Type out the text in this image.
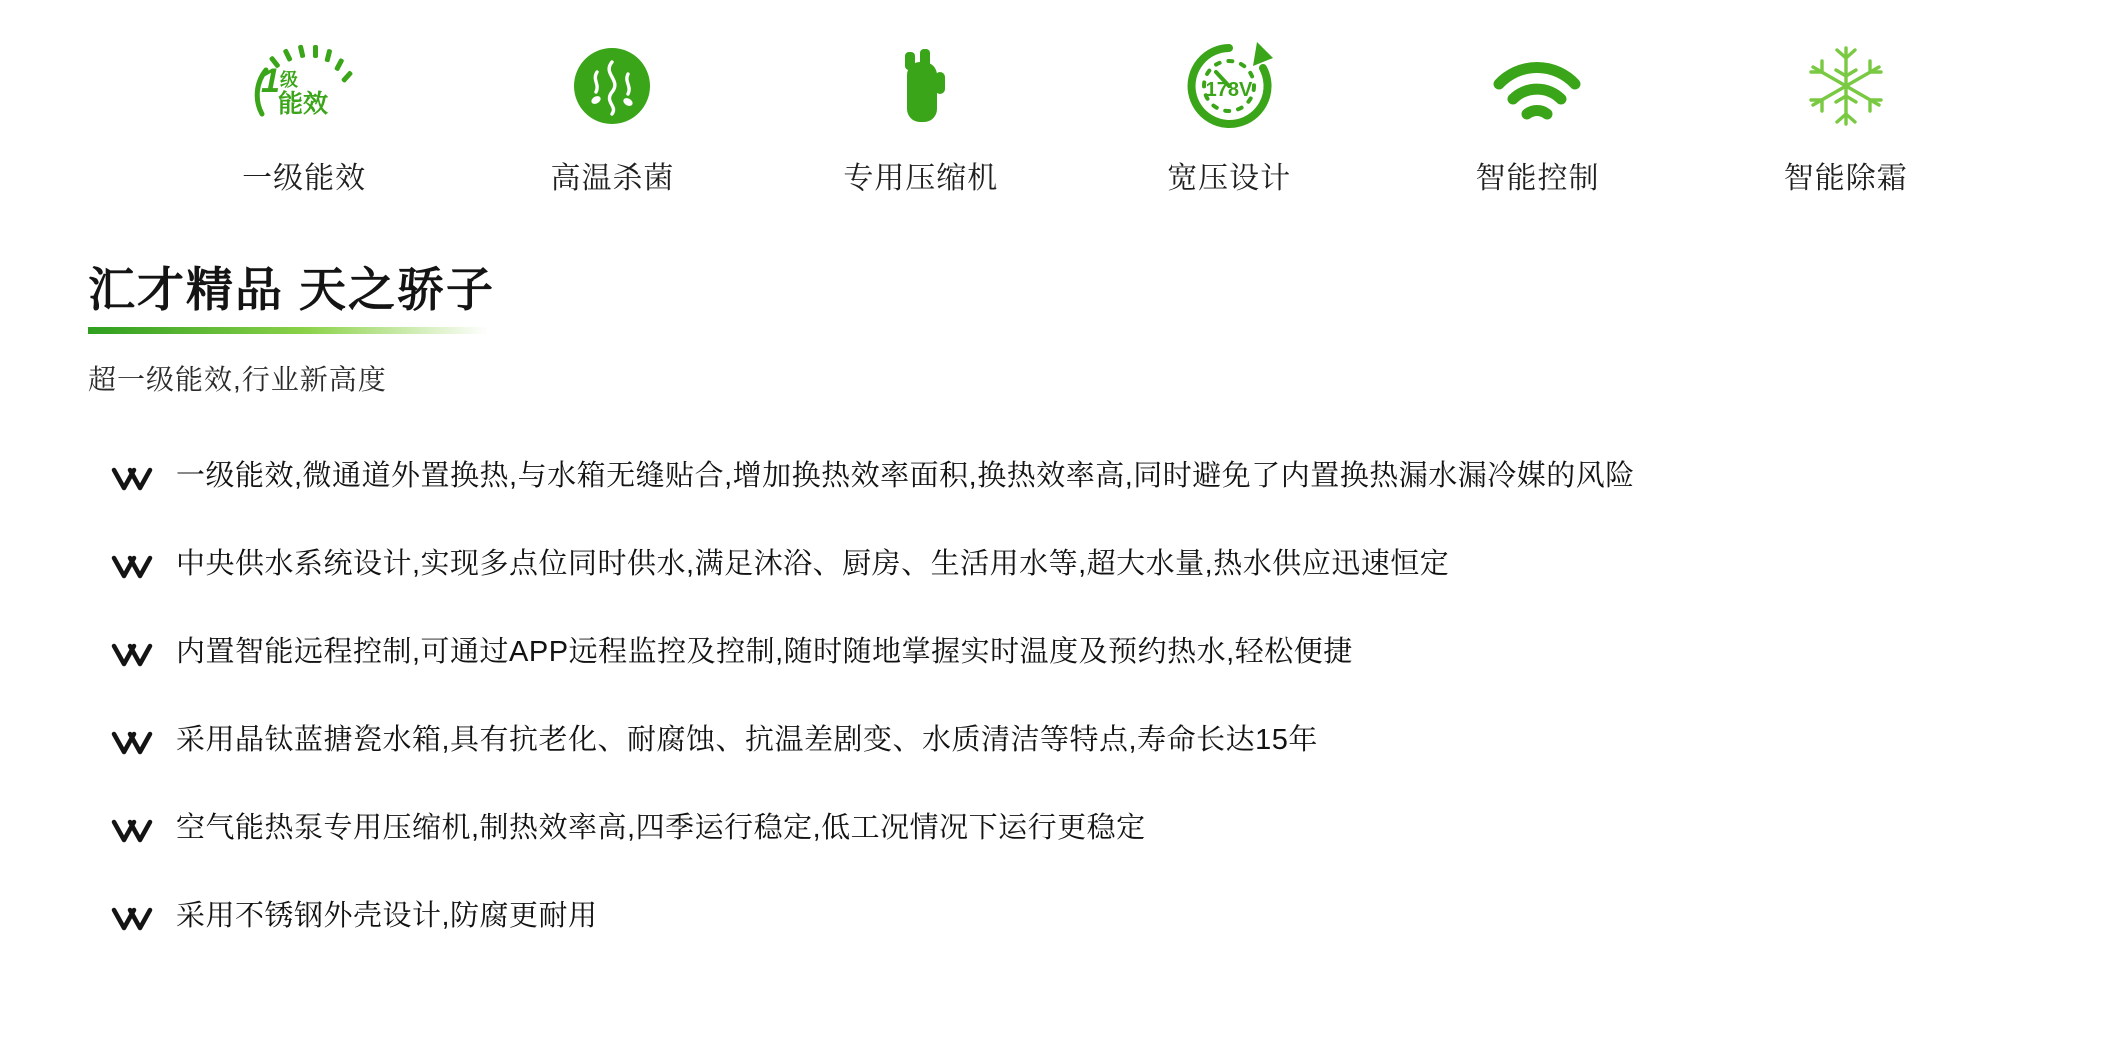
1 级
能效
一级能效	高温杀菌	专用压缩机
178V
宽压设计	智能控制	智能除霜
汇才精品 天之骄子
超一级能效,行业新高度
一级能效,微通道外置换热,与水箱无缝贴合,增加换热效率面积,换热效率高,同时避免了内置换热漏水漏冷媒的风险
中央供水系统设计,实现多点位同时供水,满足沐浴、厨房、生活用水等,超大水量,热水供应迅速恒定
内置智能远程控制,可通过APP远程监控及控制,随时随地掌握实时温度及预约热水,轻松便捷
采用晶钛蓝搪瓷水箱,具有抗老化、耐腐蚀、抗温差剧变、水质清洁等特点,寿命长达15年
空气能热泵专用压缩机,制热效率高,四季运行稳定,低工况情况下运行更稳定
采用不锈钢外壳设计,防腐更耐用
